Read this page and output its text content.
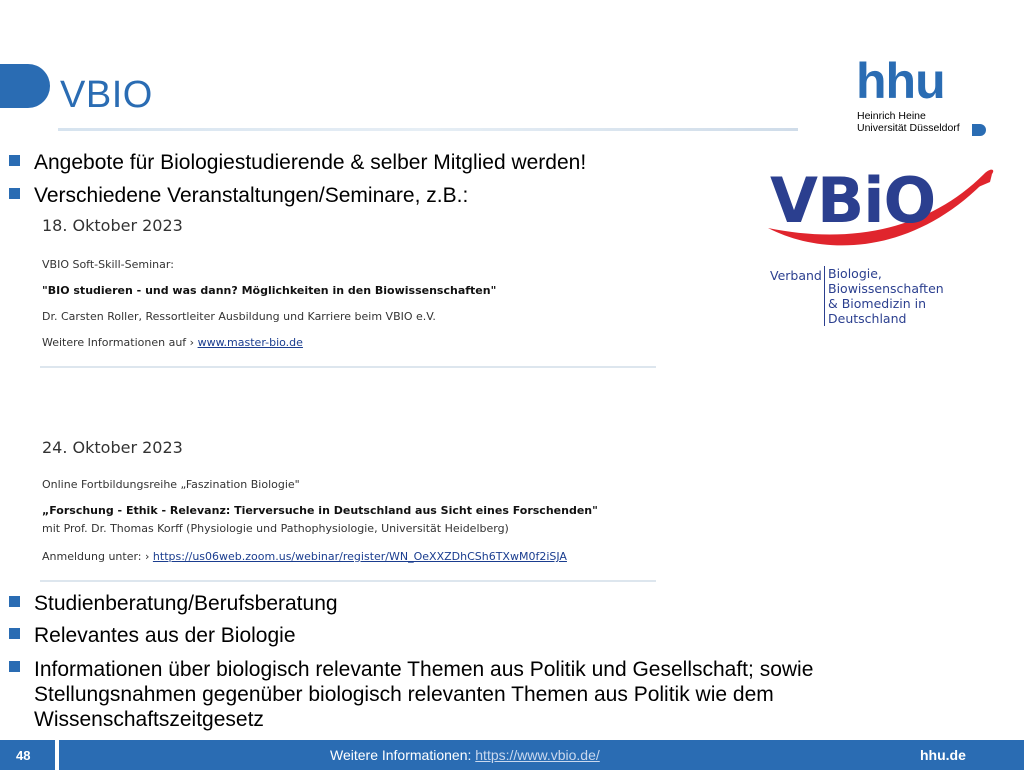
VBIO	hhu
Heinrich Heine
Universität Düsseldorf
VBiO
Verband Biologie, Biowissenschaften
& Biomedizin in Deutschland
Angebote für Biologiestudierende & selber Mitglied werden!
Verschiedene Veranstaltungen/Seminare, z.B.:
18. Oktober 2023
VBIO Soft-Skill-Seminar:
"BIO studieren - und was dann? Möglichkeiten in den Biowissenschaften"
Dr. Carsten Roller, Ressortleiter Ausbildung und Karriere beim VBIO e.V.
Weitere Informationen auf › www.master-bio.de
24. Oktober 2023
Online Fortbildungsreihe „Faszination Biologie"
„Forschung - Ethik - Relevanz: Tierversuche in Deutschland aus Sicht eines Forschenden"
mit Prof. Dr. Thomas Korff (Physiologie und Pathophysiologie, Universität Heidelberg)
Anmeldung unter: › https://us06web.zoom.us/webinar/register/WN_OeXXZDhCSh6TXwM0f2iSJA
Studienberatung/Berufsberatung
Relevantes aus der Biologie
Informationen über biologisch relevante Themen aus Politik und Gesellschaft; sowie
Stellungsnahmen gegenüber biologisch relevanten Themen aus Politik wie dem
Wissenschaftszeitgesetz
48	Weitere Informationen: https://www.vbio.de/	hhu.de
